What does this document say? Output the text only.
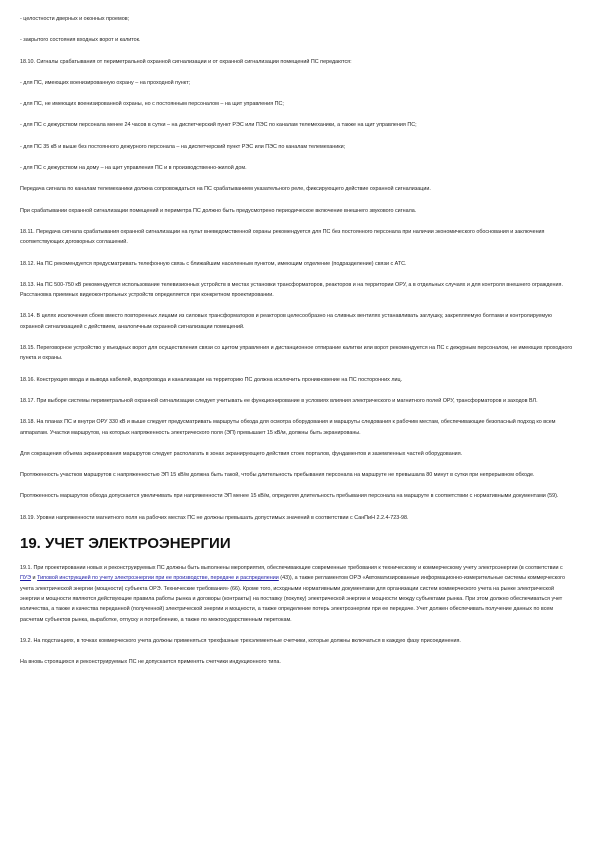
- целостности дверных и оконных проемов;

- закрытого состояния входных ворот и калиток.

18.10. Сигналы срабатывания от периметральной охранной сигнализации и от охранной сигнализации помещений ПС передаются:

- для ПС, имеющих военизированную охрану – на проходной пункт;

- для ПС, не имеющих военизированной охраны, но с постоянным персоналом – на щит управления ПС;

- для ПС с дежурством персонала менее 24 часов в сутки – на диспетчерский пункт РЭС или ПЭС по каналам телемеханики, а также на щит управления ПС;

- для ПС 35 кВ и выше без постоянного дежурного персонала – на диспетчерский пункт РЭС или ПЭС по каналам телемеханики;

- для ПС с дежурством на дому – на щит управления ПС и в производственно-жилой дом.

Передача сигнала по каналам телемеханики должна сопровождаться на ПС срабатыванием указательного реле, фиксирующего действие охранной сигнализации.

При срабатывании охранной сигнализации помещений и периметра ПС должно быть предусмотрено периодическое включение внешнего звукового сигнала.

18.11. Передача сигнала срабатывания охранной сигнализации на пульт вневедомственной охраны рекомендуется для ПС без постоянного персонала при наличии экономического обоснования и заключения соответствующих договорных соглашений.

18.12. На ПС рекомендуется предусматривать телефонную связь с ближайшим населенным пунктом, имеющим отделение (подразделение) связи с АТС.

18.13. На ПС 500-750 кВ рекомендуется использование телевизионных устройств в местах установки трансформаторов, реакторов и на территории ОРУ, а в отдельных случаях и для контроля внешнего ограждения. Расстановка приемных видеоконтрольных устройств определяется при конкретном проектировании.

18.14. В целях исключения сбоев вместо повторенных лицами из силовых трансформаторов и реакторов целесообразно на сливных вентилях устанавливать заглушку, закрепляемую болтами и контролируемую охранной сигнализацией с действием, аналогичным охранной сигнализации помещений.

18.15. Переговорное устройство у въездных ворот для осуществления связи со щитом управления и дистанционное отпирание калитки или ворот рекомендуется на ПС с дежурным персоналом, не имеющих проходного пункта и охраны.

18.16. Конструкция ввода и вывода кабелей, водопровода и канализации на территорию ПС должна исключить проникновение на ПС посторонних лиц.

18.17. При выборе системы периметральной охранной сигнализации следует учитывать ее функционирование в условиях влияния электрического и магнитного полей ОРУ, трансформаторов и заходов ВЛ.

18.18. На планах ПС и внутри ОРУ 330 кВ и выше следует предусматривать маршруты обхода для осмотра оборудования и маршруты следования к рабочим местам, обеспечивающие безопасный подход ко всем аппаратам. Участки маршрутов, на которых напряженность электрического поля (ЭП) превышает 15 кВ/м, должны быть экранированы.

Для сокращения объема экранирования маршрутов следует располагать в зонах экранирующего действия стоек порталов, фундаментов и заземленных частей оборудования.

Протяженность участков маршрутов с напряженностью ЭП 15 кВ/м должна быть такой, чтобы длительность пребывания персонала на маршруте не превышала 80 минут в сутки при непрерывном обходе.

Протяженность маршрутов обхода допускается увеличивать при напряженности ЭП менее 15 кВ/м, определяя длительность пребывания персонала на маршруте в соответствии с нормативными документами (59).

18.19. Уровни напряженности магнитного поля на рабочих местах ПС не должны превышать допустимых значений в соответствии с СанПиН 2.2.4-723-98.

19. УЧЕТ ЭЛЕКТРОЭНЕРГИИ

19.1. При проектировании новых и реконструируемых ПС должны быть выполнены мероприятия, обеспечивающие современные требования к техническому и коммерческому учету электроэнергии (в соответствии с ПУЭ и Типовой инструкцией по учету электроэнергии при ее производстве, передаче и распределении (43)), а также регламентом ОРЭ «Автоматизированные информационно-измерительные системы коммерческого учета электрической энергии (мощности) субъекта ОРЭ. Технические требования» (66). Кроме того, исходными нормативными документами для организации систем коммерческого учета на рынке электрической энергии и мощности являются действующие правила работы рынка и договоры (контракты) на поставку (покупку) электрической энергии и мощности между субъектами рынка. При этом должно обеспечиваться учет количества, а также и качества переданной (полученной) электрической энергии и мощности, а также определение потерь электроэнергии при ее передаче. Учет должен обеспечивать получение данных по всем расчетам субъектов рынка, выработке, отпуску и потреблению, а также по межгосударственным перетокам.

19.2. На подстанциях, в точках коммерческого учета должны применяться трехфазные трехэлементные счетчики, которые должны включаться в каждую фазу присоединения.

На вновь строящихся и реконструируемых ПС не допускается применять счетчики индукционного типа.
